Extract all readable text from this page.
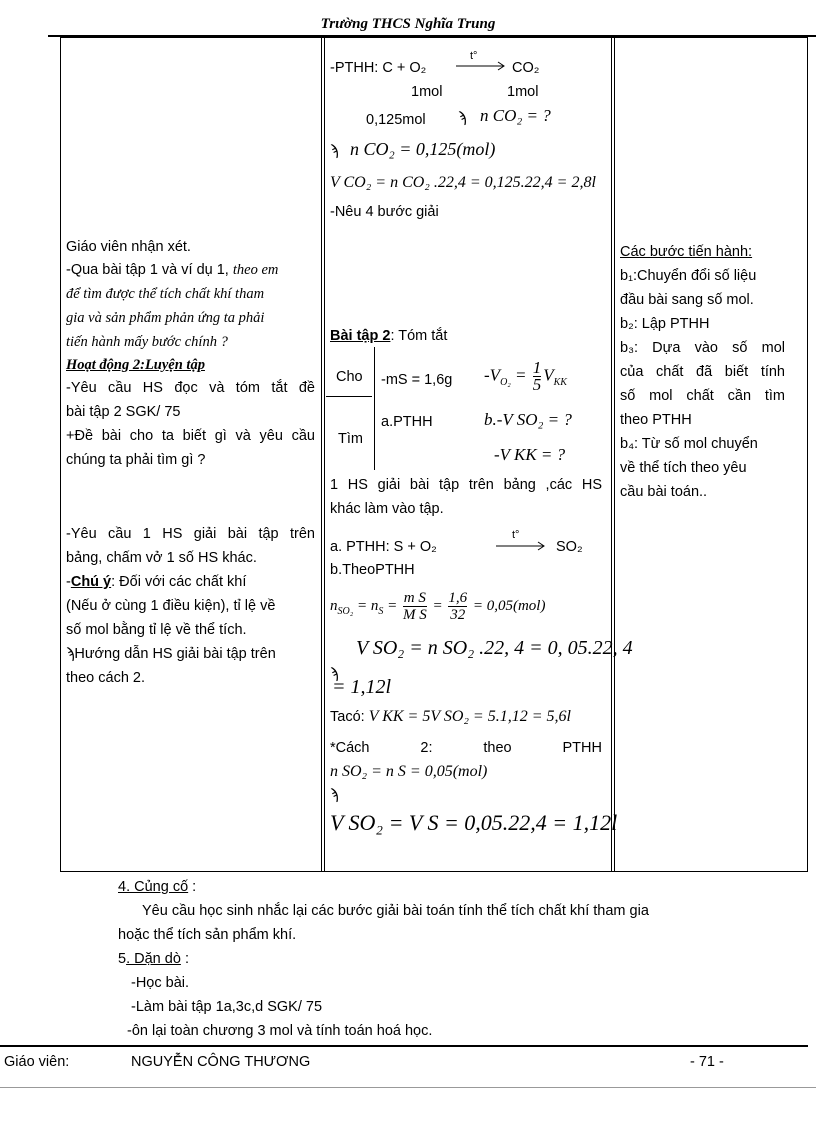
Trường THCS Nghĩa Trung
Giáo viên nhận xét.
-Qua bài tập 1 và ví dụ 1, theo em
để tìm được thể tích chất khí tham
gia và sản phẩm phản ứng ta phải
tiến hành mấy bước chính ?
Hoạt động 2:Luyện tập
-Yêu cầu HS đọc và tóm tắt đề
bài tập 2 SGK/ 75
+Đề bài cho ta biết gì và yêu cầu
chúng ta phải tìm gì ?
-Yêu cầu 1 HS giải bài tập trên
bảng, chấm vở 1 số HS khác.
-Chú ý: Đối với các chất khí
(Nếu ở cùng 1 điều kiện), tỉ lệ về
số mol bằng tỉ lệ về thể tích.
ϡHướng dẫn HS giải bài tập trên
theo cách 2.
-PTHH: C + O₂
t°
→ CO₂
1mol	1mol
0,125mol ϡ n CO₂ = ?
ϡ n CO₂ = 0,125(mol)
V CO₂ = n CO₂ .22,4 = 0,125.22,4 = 2,8l
-Nêu 4 bước giải
Bài tập 2: Tóm tắt
Cho -mS = 1,6g $-V_{O_2} = \frac{1}{5} V_{KK}$
Tìm
a.PTHH	b.-V SO₂ = ?
-V KK = ?
1 HS giải bài tập trên bảng ,các HS
khác làm vào tập.
a. PTHH: S + O₂
t°
SO₂
b.TheoPTHH
$n_{SO_2} = n_S = \frac{\text{m S}}{\text{M S}} = \frac{1,6}{32} = 0,05(mol)$
V SO₂ = n SO₂ .22, 4 = 0, 05.22, 4
ϡ
= 1,12l
Tacó: V KK = 5V SO₂ = 5.1,12 = 5,6l
*Cách	2:	theo	PTHH
n SO₂ = n S = 0,05(mol)
ϡ
V SO₂ = V S = 0,05.22,4 = 1,12l
Các bước tiến hành:
b₁:Chuyển đổi số liệu
đầu bài sang số mol.
b₂: Lập PTHH
b₃: Dựa vào số mol
của chất đã biết tính
số mol chất cần tìm
theo PTHH
b₄: Từ số mol chuyển
về thể tích theo yêu
cầu bài toán..
4. Củng cố :
Yêu cầu học sinh nhắc lại các bước giải bài toán tính thể tích chất khí tham gia
hoặc thể tích sản phẩm khí.
5. Dặn dò :
-Học bài.
-Làm bài tập 1a,3c,d SGK/ 75
-ôn lại toàn chương 3 mol và tính toán hoá học.
Giáo viên:	NGUYỄN CÔNG THƯƠNG	- 71 -
